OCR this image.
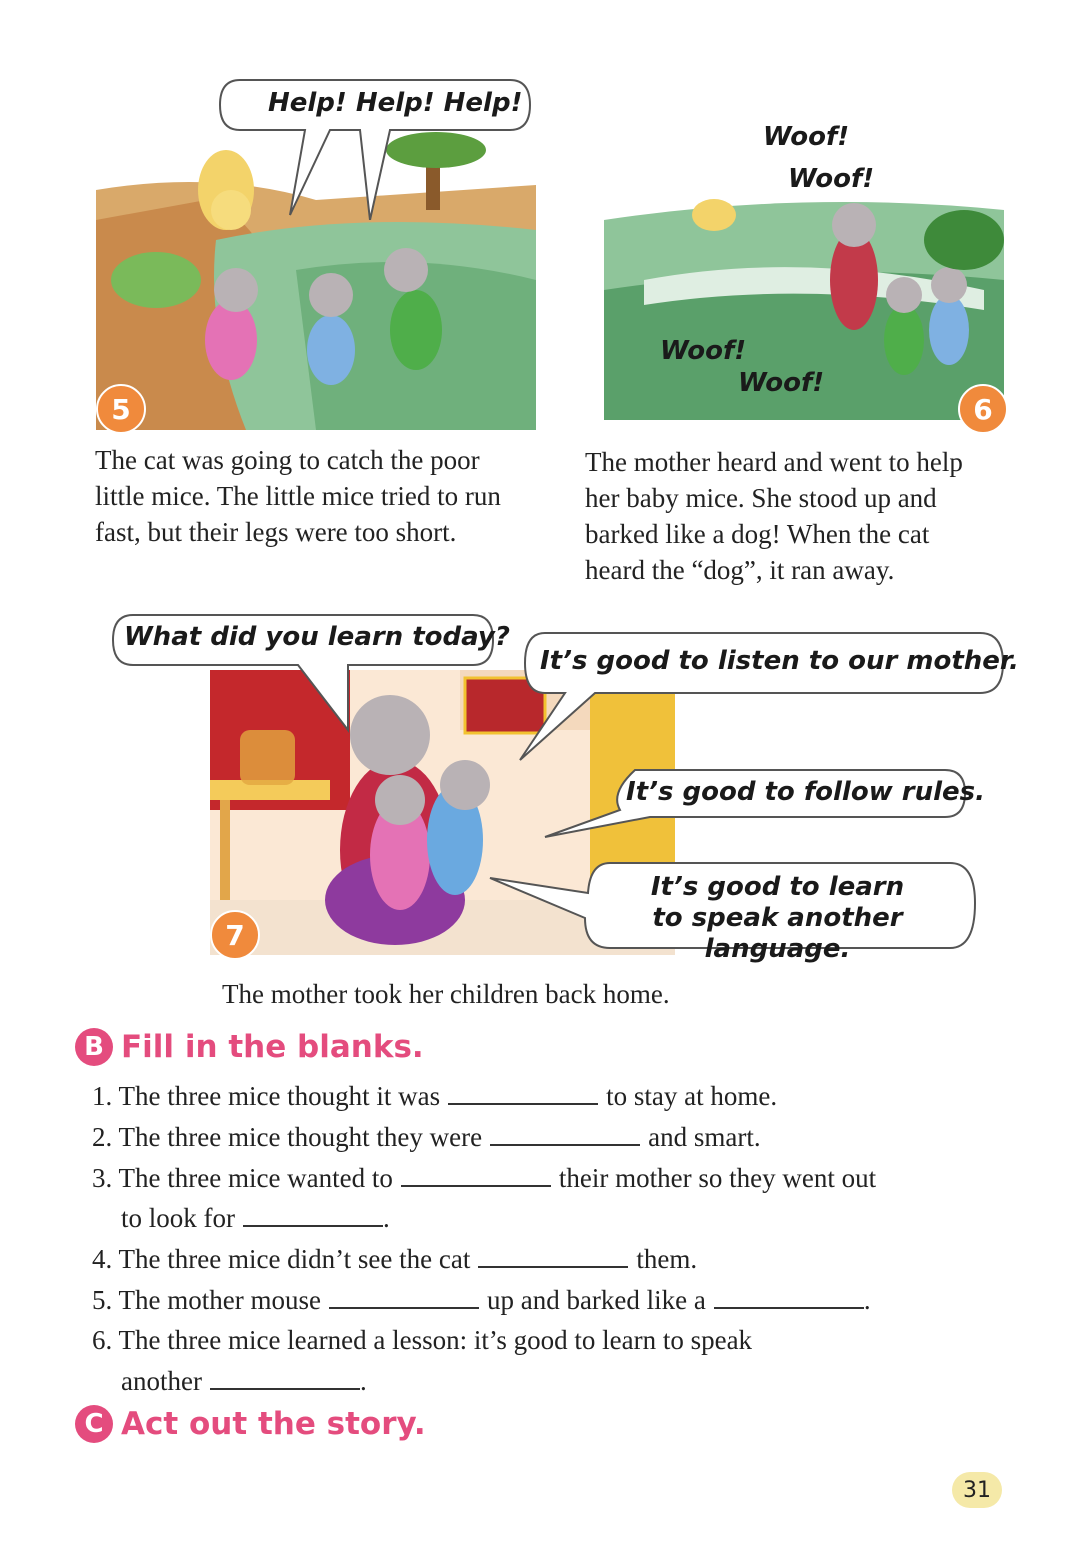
Help! Help! Help!
5
Woof!
Woof!
Woof!
Woof!
6
The cat was going to catch the poor
little mice. The little mice tried to run
fast, but their legs were too short.
The mother heard and went to help
her baby mice. She stood up and
barked like a dog! When the cat
heard the “dog”, it ran away.
What did you learn today?
It’s good to listen to our mother.
It’s good to follow rules.
It’s good to learn
to speak another language.
7
The mother took her children back home.
B Fill in the blanks.
1. The three mice thought it was	to stay at home.
2. The three mice thought they were	and smart.
3. The three mice wanted to	their mother so they went out
to look for	.
4. The three mice didn’t see the cat	them.
5. The mother mouse	up and barked like a	.
6. The three mice learned a lesson: it’s good to learn to speak
another	.
C Act out the story.
31
